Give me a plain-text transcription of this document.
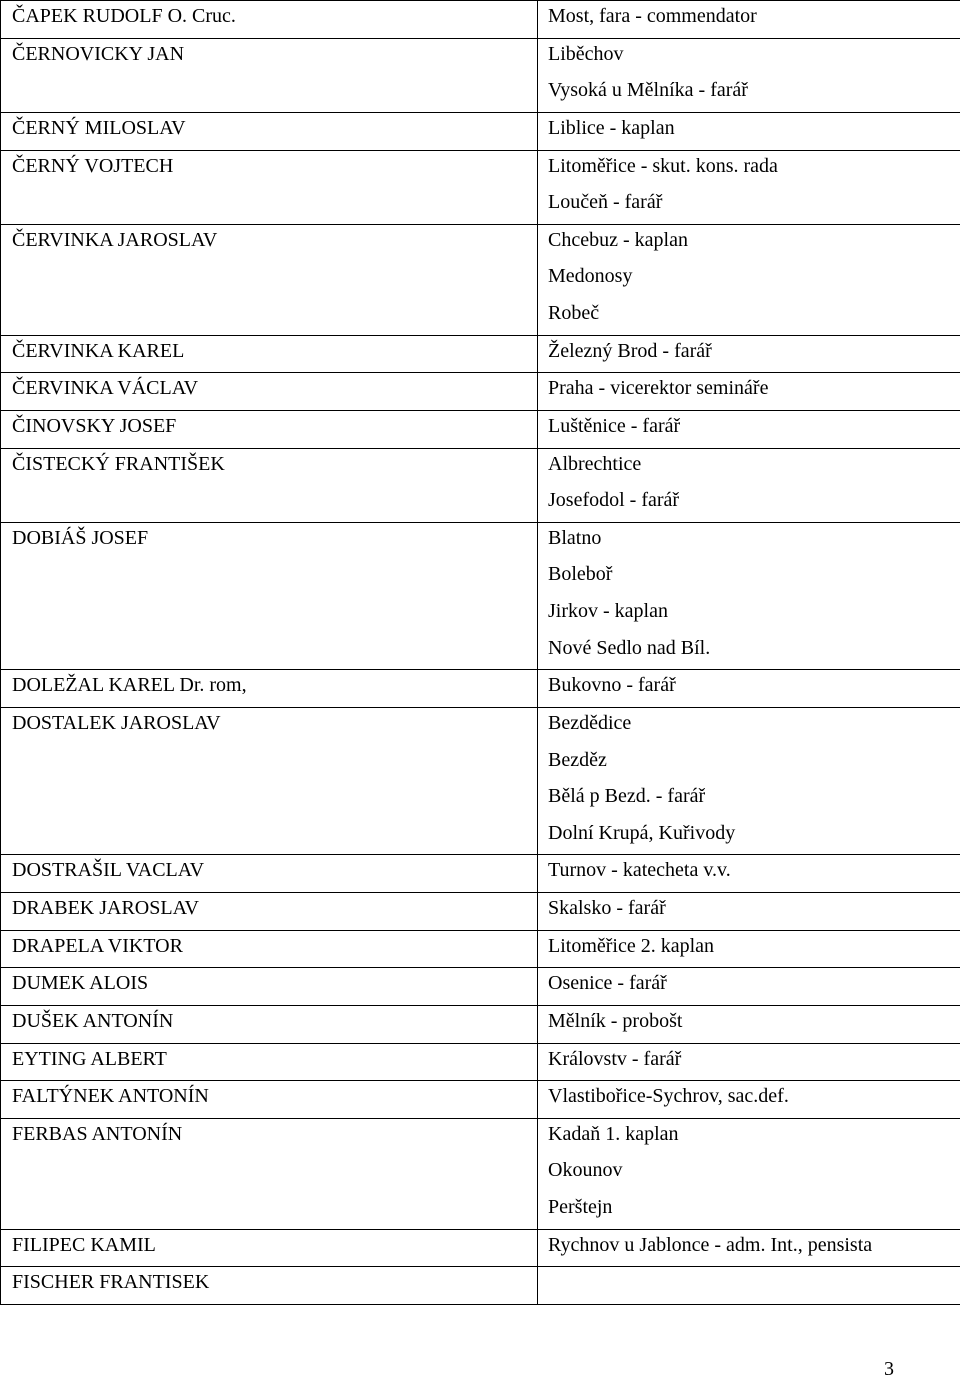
ČAPEK RUDOLF O. Cruc.	Most, fara - commendator

ČERNOVICKY JAN	Liběchov
Vysoká u Mělníka - farář

ČERNÝ MILOSLAV	Liblice - kaplan

ČERNÝ VOJTECH	Litoměřice - skut. kons. rada
Loučeň - farář

ČERVINKA JAROSLAV	Chcebuz - kaplan
Medonosy
Robeč

ČERVINKA KAREL	Železný Brod - farář

ČERVINKA VÁCLAV	Praha - vicerektor semináře

ČINOVSKY JOSEF	Luštěnice - farář

ČISTECKÝ FRANTIŠEK	Albrechtice
Josefodol - farář

DOBIÁŠ JOSEF	Blatno
Boleboř
Jirkov - kaplan
Nové Sedlo nad Bíl.

DOLEŽAL KAREL Dr. rom,	Bukovno - farář

DOSTALEK JAROSLAV	Bezdědice
Bezděz
Bělá p Bezd. - farář
Dolní Krupá, Kuřivody

DOSTRAŠIL VACLAV	Turnov - katecheta v.v.

DRABEK JAROSLAV	Skalsko - farář

DRAPELA VIKTOR	Litoměřice 2. kaplan

DUMEK ALOIS	Osenice - farář

DUŠEK ANTONÍN	Mělník - probošt

EYTING ALBERT	Královstv - farář

FALTÝNEK ANTONÍN	Vlastibořice-Sychrov, sac.def.

FERBAS ANTONÍN	Kadaň 1. kaplan
Okounov
Perštejn

FILIPEC KAMIL	Rychnov u Jablonce - adm. Int., pensista

FISCHER FRANTISEK	

3
